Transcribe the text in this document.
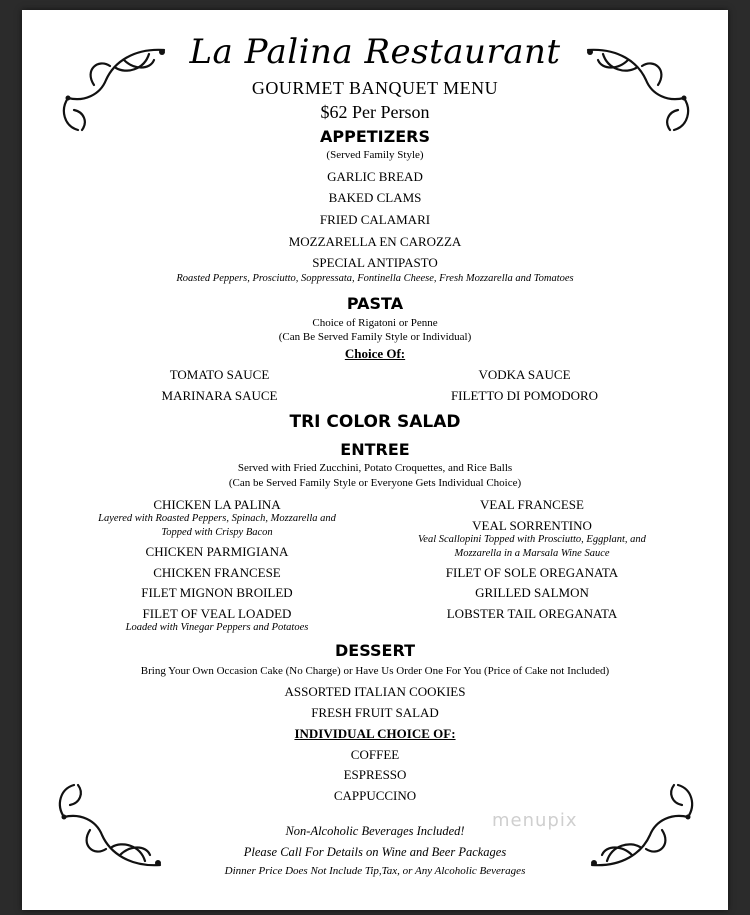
La Palina Restaurant
GOURMET BANQUET MENU
$62 Per Person
APPETIZERS
(Served Family Style)
GARLIC BREAD
BAKED CLAMS
FRIED CALAMARI
MOZZARELLA EN CAROZZA
SPECIAL ANTIPASTO
Roasted Peppers, Prosciutto, Soppressata, Fontinella Cheese, Fresh Mozzarella and Tomatoes
PASTA
Choice of Rigatoni or Penne
(Can Be Served Family Style or Individual)
Choice Of:
TOMATO SAUCE	VODKA SAUCE
MARINARA SAUCE	FILETTO DI POMODORO
TRI COLOR SALAD
ENTREE
Served with Fried Zucchini, Potato Croquettes, and Rice Balls
(Can be Served Family Style or Everyone Gets Individual Choice)
CHICKEN LA PALINA
Layered with Roasted Peppers, Spinach, Mozzarella and
Topped with Crispy Bacon
CHICKEN PARMIGIANA
CHICKEN FRANCESE
FILET MIGNON BROILED
FILET OF VEAL LOADED
Loaded with Vinegar Peppers and Potatoes
VEAL FRANCESE
VEAL SORRENTINO
Veal Scallopini Topped with Prosciutto, Eggplant, and
Mozzarella in a Marsala Wine Sauce
FILET OF SOLE OREGANATA
GRILLED SALMON
LOBSTER TAIL OREGANATA
DESSERT
Bring Your Own Occasion Cake (No Charge) or Have Us Order One For You (Price of Cake not Included)
ASSORTED ITALIAN COOKIES
FRESH FRUIT SALAD
INDIVIDUAL CHOICE OF:
COFFEE
ESPRESSO
CAPPUCCINO
Non-Alcoholic Beverages Included!
Please Call For Details on Wine and Beer Packages
Dinner Price Does Not Include Tip,Tax, or Any Alcoholic Beverages
menupix
